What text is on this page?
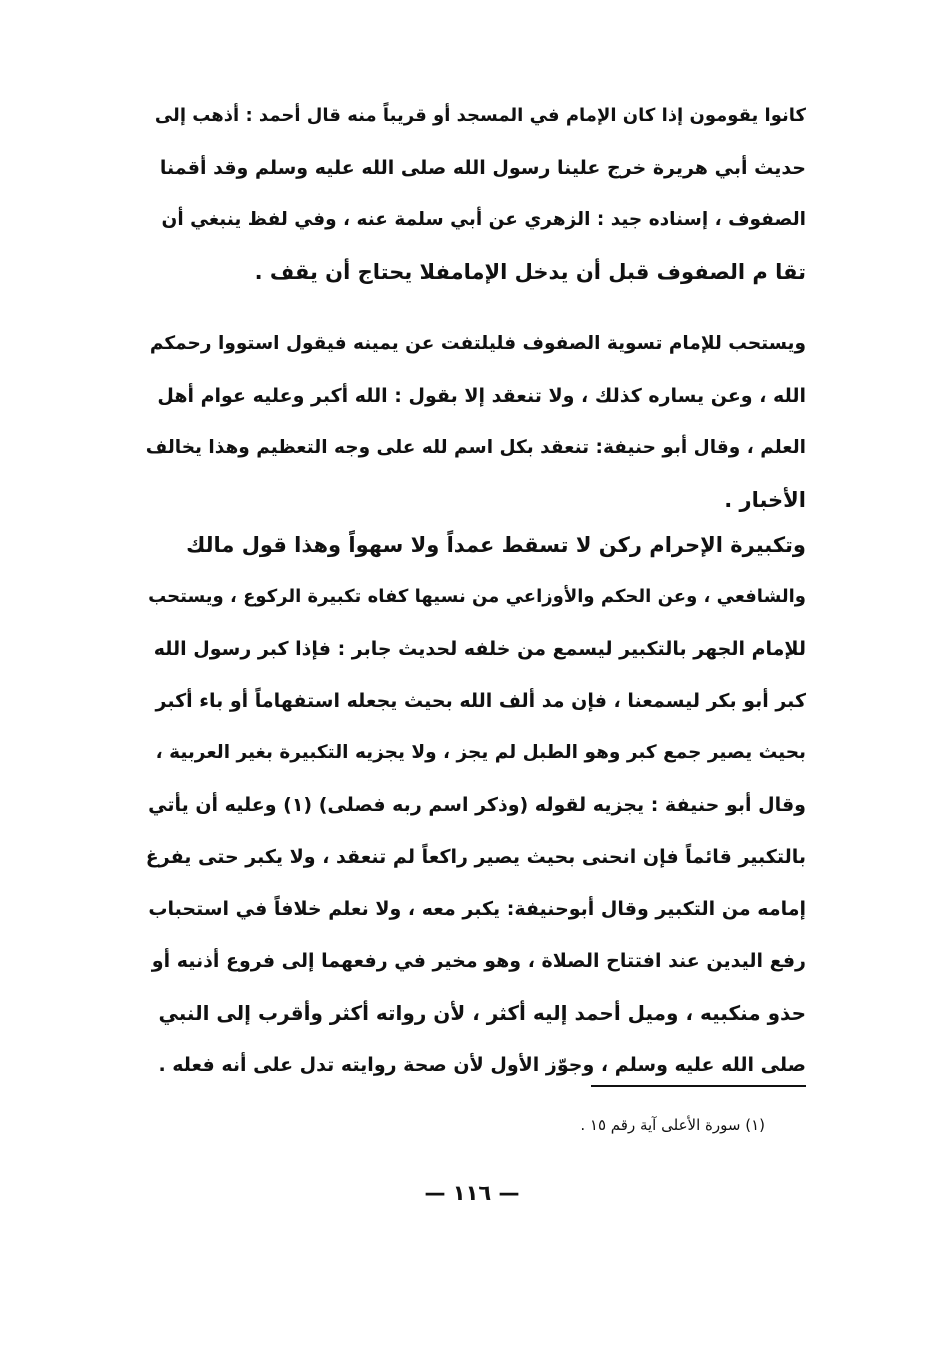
كانوا يقومون إذا كان الإمام في المسجد أو قريباً منه قال أحمد : أذهب إلى
حديث أبي هريرة خرج علينا رسول الله صلى الله عليه وسلم وقد أقمنا
الصفوف ، إسناده جيد : الزهري عن أبي سلمة عنه ، وفي لفظ ينبغي أن
تقا م الصفوف قبل أن يدخل الإمامفلا يحتاج أن يقف .
ويستحب للإمام تسوية الصفوف فليلتفت عن يمينه فيقول استووا رحمكم
الله ، وعن يساره كذلك ، ولا تنعقد إلا بقول : الله أكبر وعليه عوام أهل
العلم ، وقال أبو حنيفة: تنعقد بكل اسم لله على وجه التعظيم وهذا يخالف
الأخبار .
وتكبيرة الإحرام ركن لا تسقط عمداً ولا سهواً وهذا قول مالك
والشافعي ، وعن الحكم والأوزاعي من نسيها كفاه تكبيرة الركوع ، ويستحب
للإمام الجهر بالتكبير ليسمع من خلفه لحديث جابر : فإذا كبر رسول الله
كبر أبو بكر ليسمعنا ، فإن مد ألف الله بحيث يجعله استفهاماً أو باء أكبر
بحيث يصير جمع كبر وهو الطبل لم يجز ، ولا يجزيه التكبيرة بغير العربية ،
وقال أبو حنيفة : يجزيه لقوله (وذكر اسم ربه فصلى) (١) وعليه أن يأتي
بالتكبير قائماً فإن انحنى بحيث يصير راكعاً لم تنعقد ، ولا يكبر حتى يفرغ
إمامه من التكبير وقال أبوحنيفة: يكبر معه ، ولا نعلم خلافاً في استحباب
رفع اليدين عند افتتاح الصلاة ، وهو مخير في رفعهما إلى فروع أذنيه أو
حذو منكبيه ، وميل أحمد إليه أكثر ، لأن رواته أكثر وأقرب إلى النبي
صلى الله عليه وسلم ، وجوّز الأول لأن صحة روايته تدل على أنه فعله .
(١) سورة الأعلى آية رقم ١٥ .
— ١١٦ —
